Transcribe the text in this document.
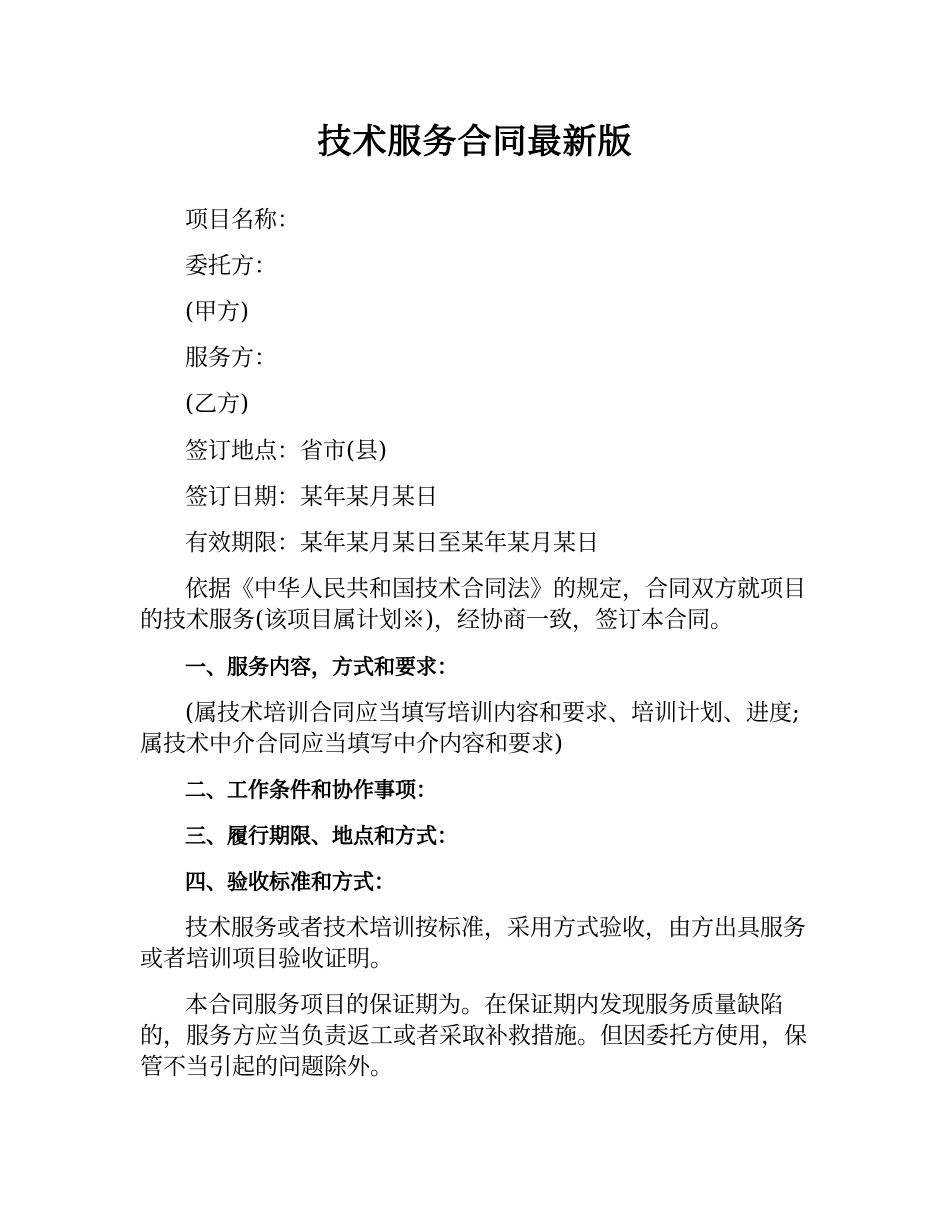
技术服务合同最新版
项目名称：
委托方：
(甲方)
服务方：
(乙方)
签订地点：省市(县)
签订日期：某年某月某日
有效期限：某年某月某日至某年某月某日

依据《中华人民共和国技术合同法》的规定，合同双方就项目的技术服务(该项目属计划※)，经协商一致，签订本合同。

一、服务内容，方式和要求：

(属技术培训合同应当填写培训内容和要求、培训计划、进度;属技术中介合同应当填写中介内容和要求)

二、工作条件和协作事项：
三、履行期限、地点和方式：
四、验收标准和方式：

技术服务或者技术培训按标准，采用方式验收，由方出具服务或者培训项目验收证明。

本合同服务项目的保证期为。在保证期内发现服务质量缺陷的，服务方应当负责返工或者采取补救措施。但因委托方使用，保管不当引起的问题除外。
